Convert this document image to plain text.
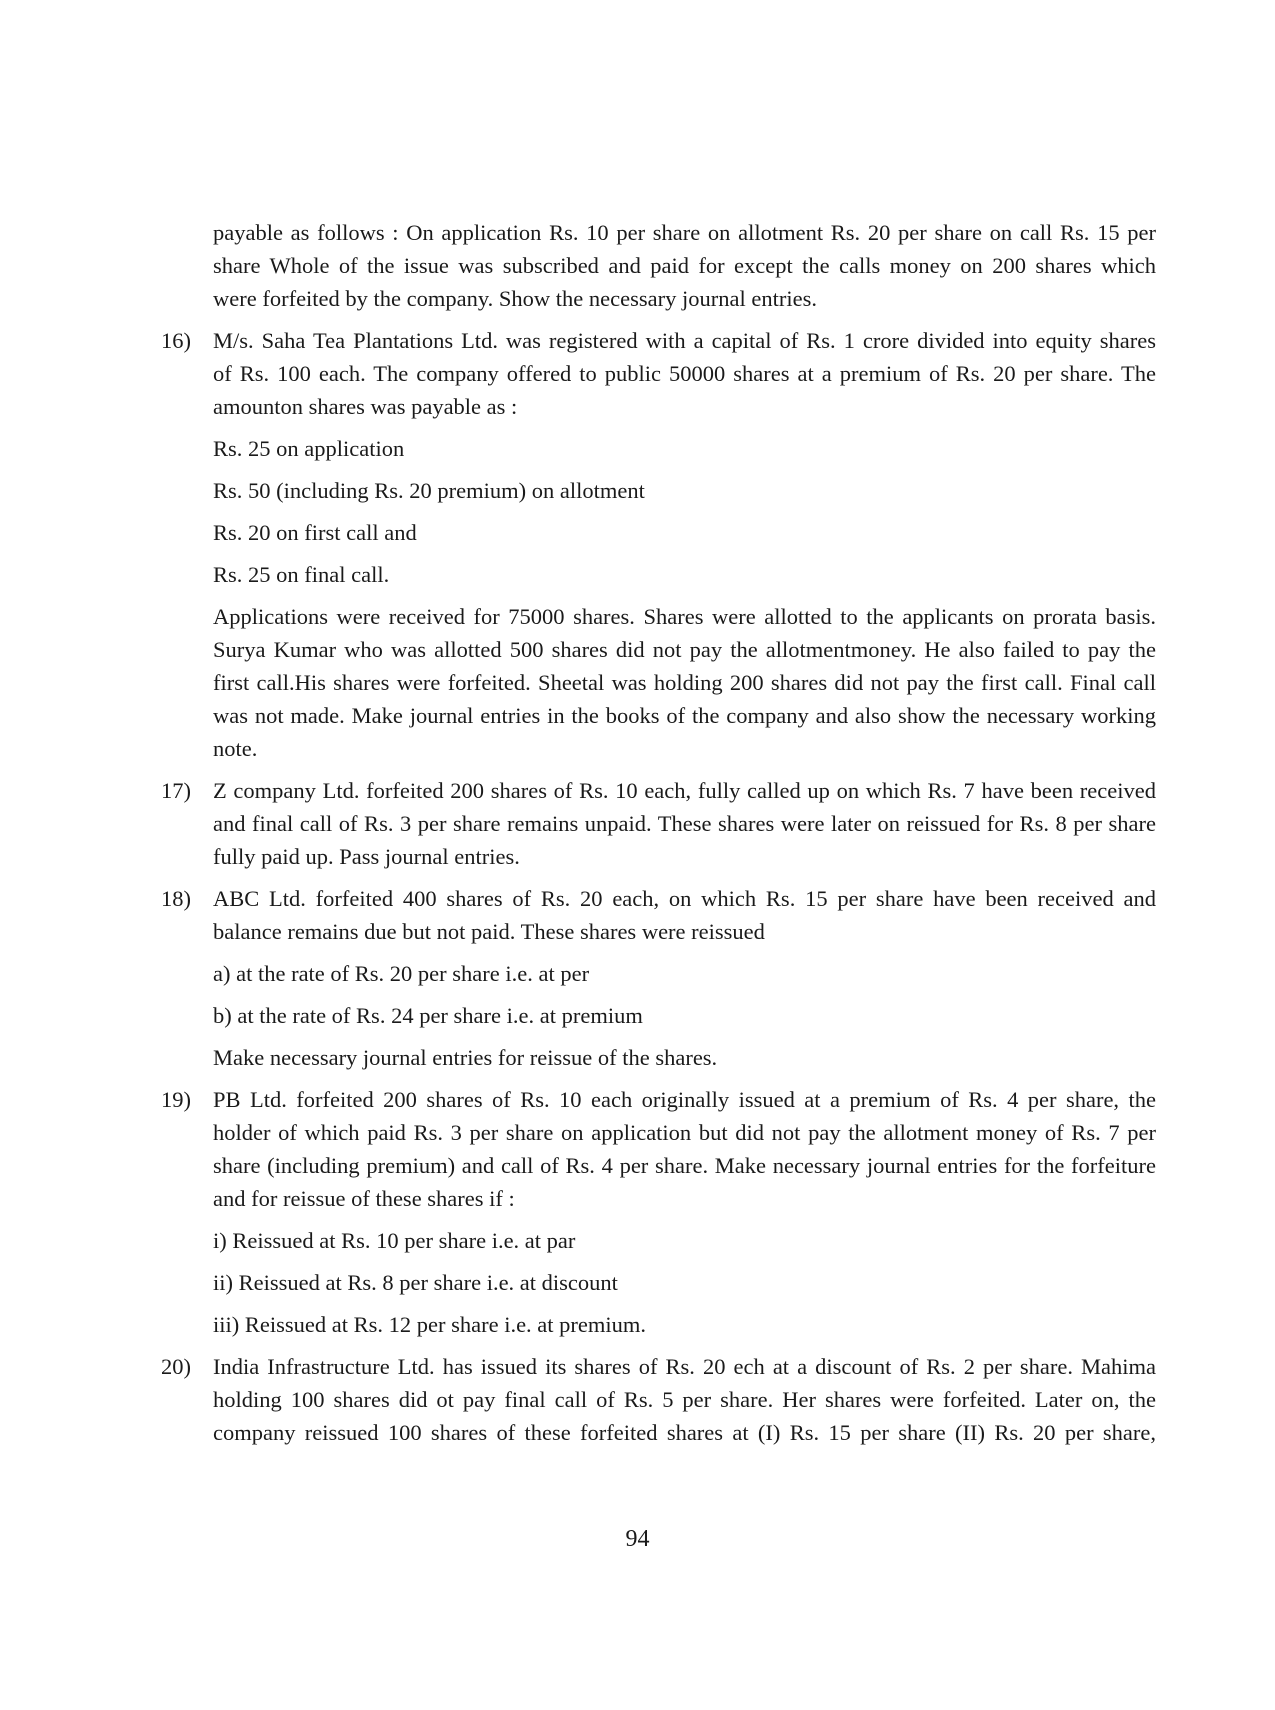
payable as follows : On application Rs. 10 per share on allotment Rs. 20 per share on call Rs. 15 per

share Whole of the issue was subscribed and paid for except the calls money on 200 shares which

were forfeited by the company. Show the necessary journal entries.

16) M/s. Saha Tea Plantations Ltd. was registered with a capital of Rs. 1 crore divided into equity shares

of Rs. 100 each. The company offered to public 50000 shares at a premium of Rs. 20 per share. The

amounton shares was payable as :

Rs. 25 on application

Rs. 50 (including Rs. 20 premium) on allotment

Rs. 20 on first call and

Rs. 25 on final call.

Applications were received for 75000 shares. Shares were allotted to the applicants on prorata basis.

Surya Kumar who was allotted 500 shares did not pay the allotmentmoney. He also failed to pay the

first call.His shares were forfeited. Sheetal was holding 200 shares did not pay the first call. Final call

was not made. Make journal entries in the books of the company and also show the necessary working

note.

17) Z company Ltd. forfeited 200 shares of Rs. 10 each, fully called up on which Rs. 7 have been received

and final call of Rs. 3 per share remains unpaid. These shares were later on reissued for Rs. 8 per share

fully paid up. Pass journal entries.

18) ABC Ltd. forfeited 400 shares of Rs. 20 each, on which Rs. 15 per share have been received and

balance remains due but not paid. These shares were reissued

a) at the rate of Rs. 20 per share i.e. at per

b) at the rate of Rs. 24 per share i.e. at premium

Make necessary journal entries for reissue of the shares.

19) PB Ltd. forfeited 200 shares of Rs. 10 each originally issued at a premium of Rs. 4 per share, the

holder of which paid Rs. 3 per share on application but did not pay the allotment money of Rs. 7 per

share (including premium) and call of Rs. 4 per share. Make necessary journal entries for the forfeiture

and for reissue of these shares if :

i) Reissued at Rs. 10 per share i.e. at par

ii) Reissued at Rs. 8 per share i.e. at discount

iii) Reissued at Rs. 12 per share i.e. at premium.

20) India Infrastructure Ltd. has issued its shares of Rs. 20 ech at a discount of Rs. 2 per share. Mahima

holding 100 shares did ot pay final call of Rs. 5 per share. Her shares were forfeited. Later on, the

company reissued 100 shares of these forfeited shares at (I) Rs. 15 per share (II) Rs. 20 per share,

94
